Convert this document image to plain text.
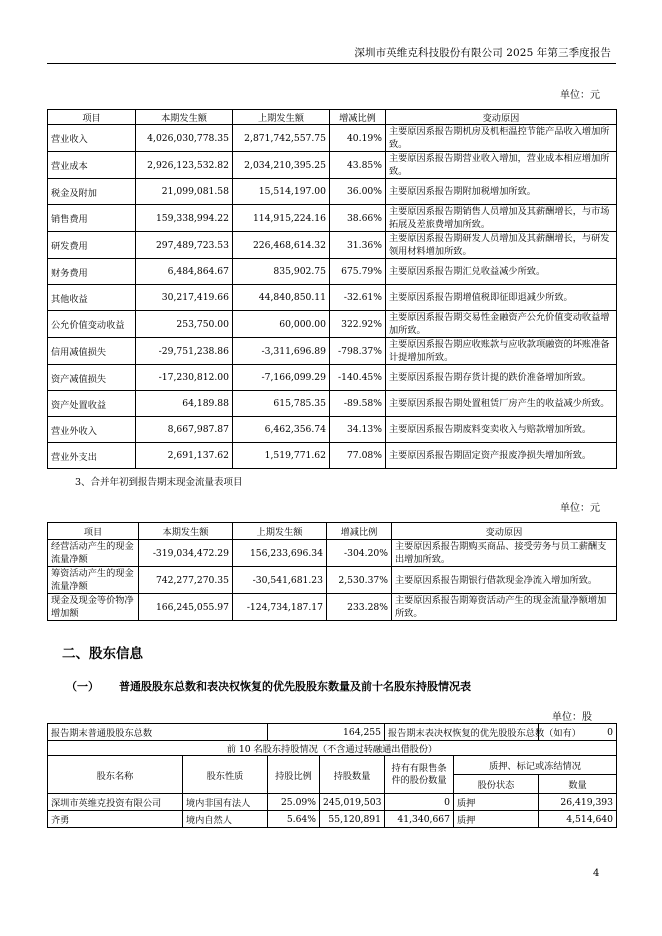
深圳市英维克科技股份有限公司 2025 年第三季度报告
单位：元
项目	本期发生额	上期发生额	增减比例	变动原因
营业收入	4,026,030,778.35	2,871,742,557.75	40.19%	主要原因系报告期机房及机柜温控节能产品收入增加所致。
营业成本	2,926,123,532.82	2,034,210,395.25	43.85%	主要原因系报告期营业收入增加，营业成本相应增加所致。
税金及附加	21,099,081.58	15,514,197.00	36.00%	主要原因系报告期附加税增加所致。
销售费用	159,338,994.22	114,915,224.16	38.66%	主要原因系报告期销售人员增加及其薪酬增长，与市场拓展及差旅费增加所致。
研发费用	297,489,723.53	226,468,614.32	31.36%	主要原因系报告期研发人员增加及其薪酬增长，与研发领用材料增加所致。
财务费用	6,484,864.67	835,902.75	675.79%	主要原因系报告期汇兑收益减少所致。
其他收益	30,217,419.66	44,840,850.11	-32.61%	主要原因系报告期增值税即征即退减少所致。
公允价值变动收益	253,750.00	60,000.00	322.92%	主要原因系报告期交易性金融资产公允价值变动收益增加所致。
信用减值损失	-29,751,238.86	-3,311,696.89	-798.37%	主要原因系报告期应收账款与应收款项融资的坏账准备计提增加所致。
资产减值损失	-17,230,812.00	-7,166,099.29	-140.45%	主要原因系报告期存货计提的跌价准备增加所致。
资产处置收益	64,189.88	615,785.35	-89.58%	主要原因系报告期处置租赁厂房产生的收益减少所致。
营业外收入	8,667,987.87	6,462,356.74	34.13%	主要原因系报告期废料变卖收入与赔款增加所致。
营业外支出	2,691,137.62	1,519,771.62	77.08%	主要原因系报告期固定资产报废净损失增加所致。
3、合并年初到报告期末现金流量表项目
单位：元
项目	本期发生额	上期发生额	增减比例	变动原因
经营活动产生的现金流量净额	-319,034,472.29	156,233,696.34	-304.20%	主要原因系报告期购买商品、接受劳务与员工薪酬支出增加所致。
筹资活动产生的现金流量净额	742,277,270.35	-30,541,681.23	2,530.37%	主要原因系报告期银行借款现金净流入增加所致。
现金及现金等价物净增加额	166,245,055.97	-124,734,187.17	233.28%	主要原因系报告期筹资活动产生的现金流量净额增加所致。
二、股东信息
（一） 普通股股东总数和表决权恢复的优先股股东数量及前十名股东持股情况表
单位：股
报告期末普通股股东总数		164,255		报告期末表决权恢复的优先股股东总数（如有）		0
前 10 名股东持股情况（不含通过转融通出借股份）						
股东名称	股东性质	持股比例	持股数量	持有有限售条件的股份数量	质押、标记或冻结情况	
					股份状态	数量
深圳市英维克投资有限公司	境内非国有法人	25.09%	245,019,503	0	质押	26,419,393
齐勇	境内自然人	5.64%	55,120,891	41,340,667	质押	4,514,640
4
